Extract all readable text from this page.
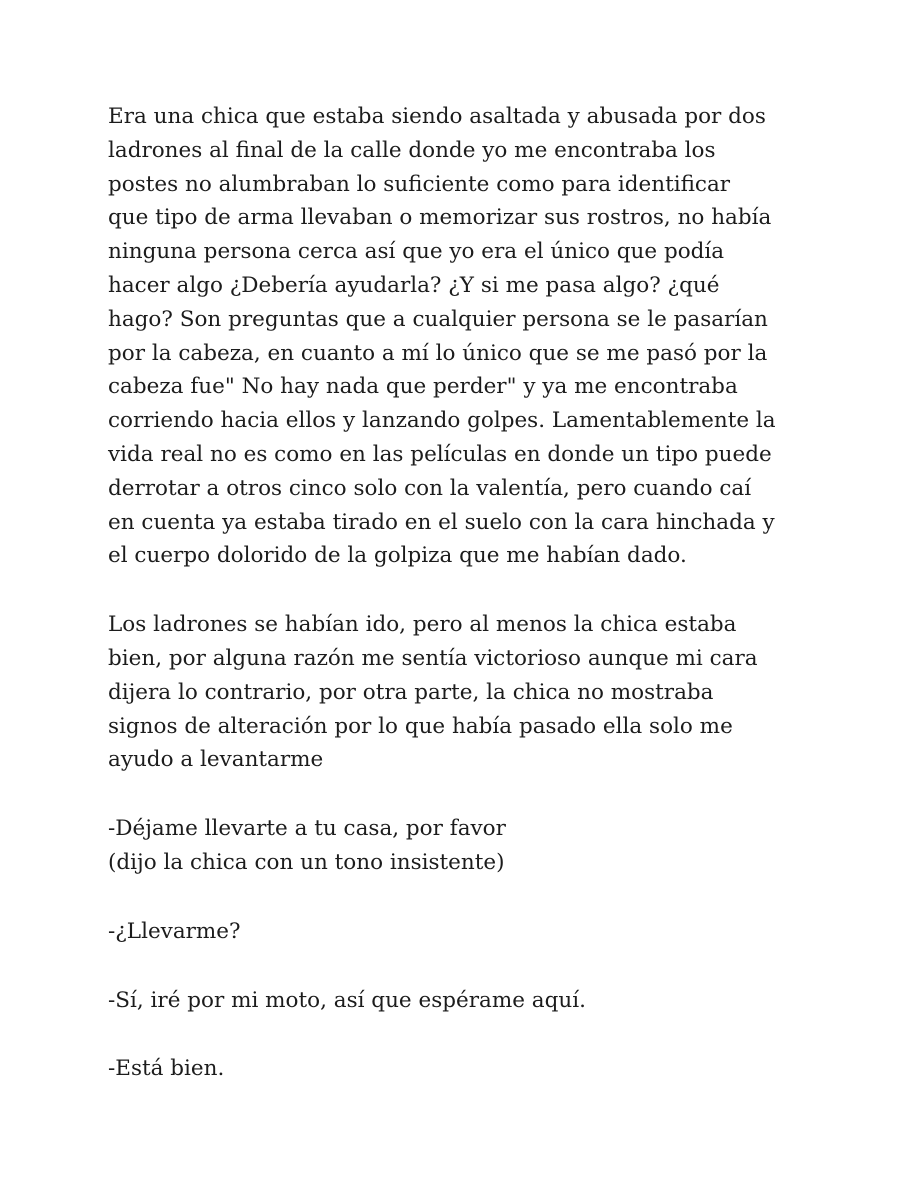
Era una chica que estaba siendo asaltada y abusada por dos
ladrones al final de la calle donde yo me encontraba los
postes no alumbraban lo suficiente como para identificar
que tipo de arma llevaban o memorizar sus rostros, no había
ninguna persona cerca así que yo era el único que podía
hacer algo ¿Debería ayudarla? ¿Y si me pasa algo? ¿qué
hago? Son preguntas que a cualquier persona se le pasarían
por la cabeza, en cuanto a mí lo único que se me pasó por la
cabeza fue" No hay nada que perder" y ya me encontraba
corriendo hacia ellos y lanzando golpes. Lamentablemente la
vida real no es como en las películas en donde un tipo puede
derrotar a otros cinco solo con la valentía, pero cuando caí
en cuenta ya estaba tirado en el suelo con la cara hinchada y
el cuerpo dolorido de la golpiza que me habían dado.
Los ladrones se habían ido, pero al menos la chica estaba
bien, por alguna razón me sentía victorioso aunque mi cara
dijera lo contrario, por otra parte, la chica no mostraba
signos de alteración por lo que había pasado ella solo me
ayudo a levantarme
-Déjame llevarte a tu casa, por favor
(dijo la chica con un tono insistente)
-¿Llevarme?
-Sí, iré por mi moto, así que espérame aquí.
-Está bien.
